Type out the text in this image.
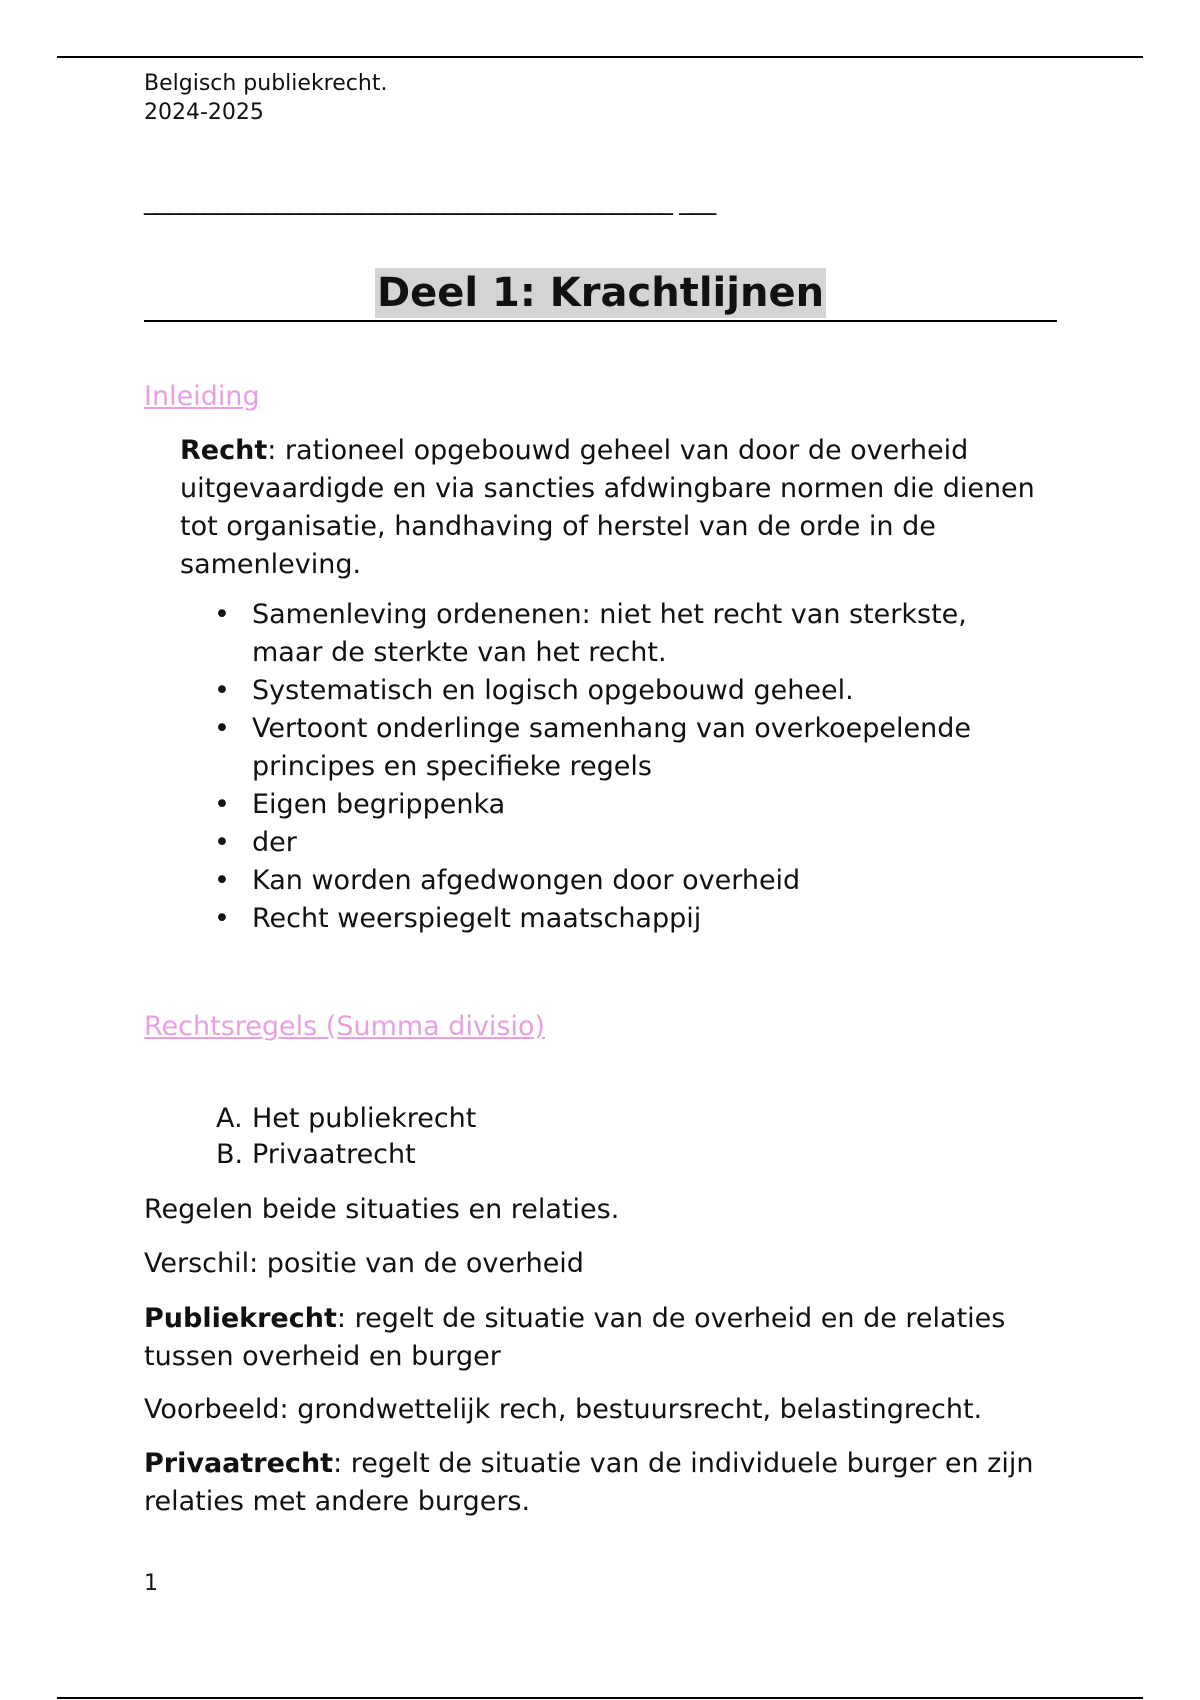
Belgisch publiekrecht.
2024-2025
____________________________________________ ___
Deel 1: Krachtlijnen
Inleiding

Recht: rationeel opgebouwd geheel van door de overheid uitgevaardigde en via sancties afdwingbare normen die dienen tot organisatie, handhaving of herstel van de orde in de samenleving.

• Samenleving ordenenen: niet het recht van sterkste, maar de sterkte van het recht.
• Systematisch en logisch opgebouwd geheel.
• Vertoont onderlinge samenhang van overkoepelende principes en specifieke regels
• Eigen begrippenka
• der
• Kan worden afgedwongen door overheid
• Recht weerspiegelt maatschappij
Rechtsregels (Summa divisio)
A. Het publiekrecht
B. Privaatrecht

Regelen beide situaties en relaties.

Verschil: positie van de overheid

Publiekrecht: regelt de situatie van de overheid en de relaties tussen overheid en burger

Voorbeeld: grondwettelijk rech, bestuursrecht, belastingrecht.

Privaatrecht: regelt de situatie van de individuele burger en zijn relaties met andere burgers.

1
